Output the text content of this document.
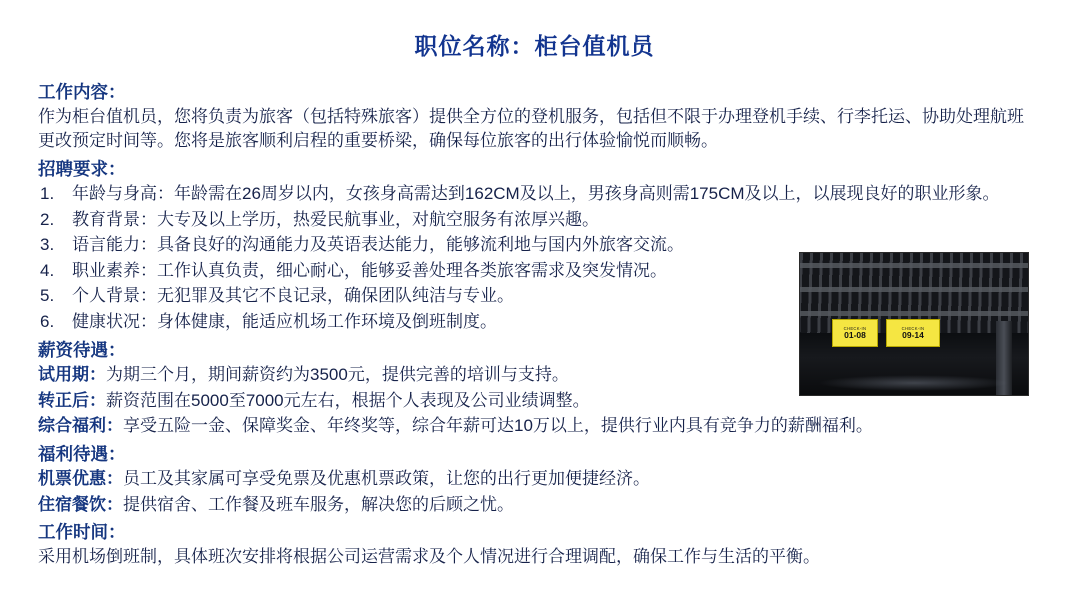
职位名称：柜台值机员
工作内容：
作为柜台值机员，您将负责为旅客（包括特殊旅客）提供全方位的登机服务，包括但不限于办理登机手续、行李托运、协助处理航班更改预定时间等。您将是旅客顺利启程的重要桥梁，确保每位旅客的出行体验愉悦而顺畅。
招聘要求：
年龄与身高：年龄需在26周岁以内，女孩身高需达到162CM及以上，男孩身高则需175CM及以上，以展现良好的职业形象。
教育背景：大专及以上学历，热爱民航事业，对航空服务有浓厚兴趣。
语言能力：具备良好的沟通能力及英语表达能力，能够流利地与国内外旅客交流。
职业素养：工作认真负责，细心耐心，能够妥善处理各类旅客需求及突发情况。
个人背景：无犯罪及其它不良记录，确保团队纯洁与专业。
健康状况：身体健康，能适应机场工作环境及倒班制度。
薪资待遇：
试用期：为期三个月，期间薪资约为3500元，提供完善的培训与支持。
转正后：薪资范围在5000至7000元左右，根据个人表现及公司业绩调整。
综合福利：享受五险一金、保障奖金、年终奖等，综合年薪可达10万以上，提供行业内具有竞争力的薪酬福利。
福利待遇：
机票优惠：员工及其家属可享受免票及优惠机票政策，让您的出行更加便捷经济。
住宿餐饮：提供宿舍、工作餐及班车服务，解决您的后顾之忧。
工作时间：
采用机场倒班制，具体班次安排将根据公司运营需求及个人情况进行合理调配，确保工作与生活的平衡。
CHECK-IN
01-08
CHECK-IN
09-14
